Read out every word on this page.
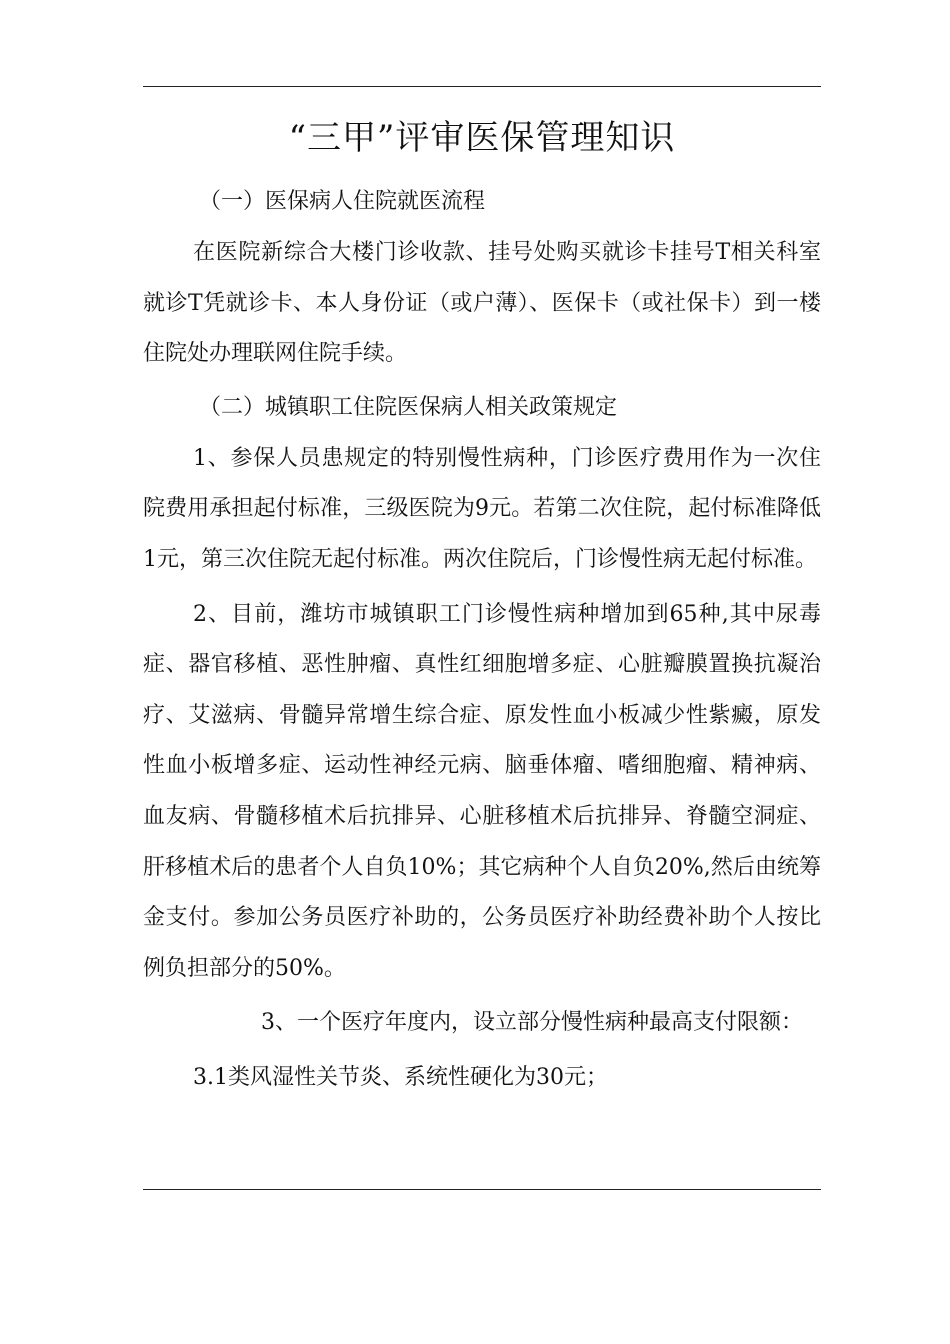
“三甲”评审医保管理知识

（一）医保病人住院就医流程

在医院新综合大楼门诊收款、挂号处购买就诊卡挂号T相关科室就诊T凭就诊卡、本人身份证（或户薄）、医保卡（或社保卡）到一楼住院处办理联网住院手续。

（二）城镇职工住院医保病人相关政策规定

1、参保人员患规定的特别慢性病种，门诊医疗费用作为一次住院费用承担起付标准，三级医院为9元。若第二次住院，起付标准降低1元，第三次住院无起付标准。两次住院后，门诊慢性病无起付标准。

2、目前，潍坊市城镇职工门诊慢性病种增加到65种,其中尿毒症、器官移植、恶性肿瘤、真性红细胞增多症、心脏瓣膜置换抗凝治疗、艾滋病、骨髓异常增生综合症、原发性血小板减少性紫癜，原发性血小板增多症、运动性神经元病、脑垂体瘤、嗜细胞瘤、精神病、血友病、骨髓移植术后抗排异、心脏移植术后抗排异、脊髓空洞症、肝移植术后的患者个人自负10%；其它病种个人自负20%,然后由统筹金支付。参加公务员医疗补助的，公务员医疗补助经费补助个人按比例负担部分的50%。

3、一个医疗年度内，设立部分慢性病种最高支付限额：

3.1类风湿性关节炎、系统性硬化为30元；
